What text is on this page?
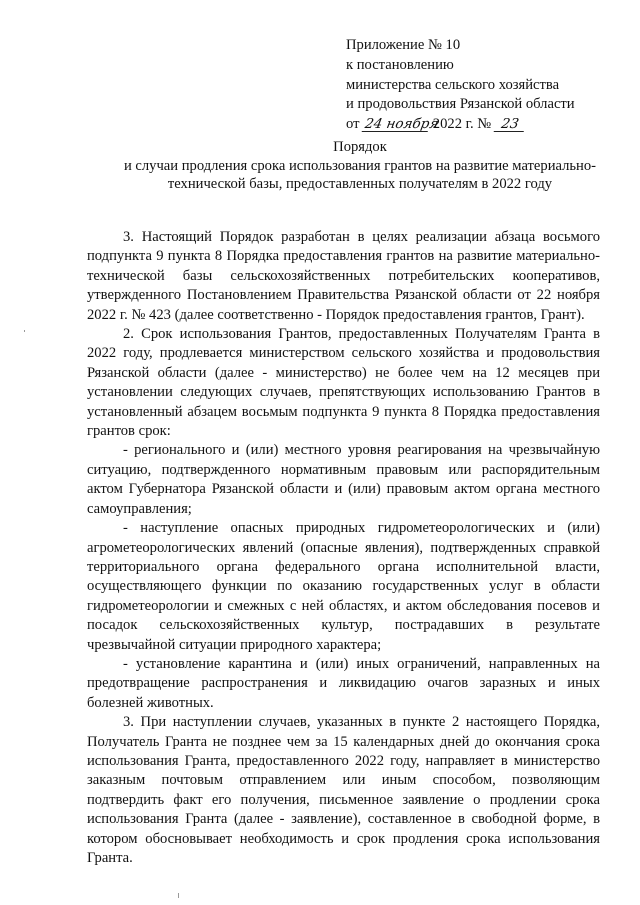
Приложение № 10
к постановлению
министерства сельского хозяйства
и продовольствия Рязанской области
от 24 ноября 2022 г. № 23
Порядок
и случаи продления срока использования грантов на развитие материально-технической базы, предоставленных получателям в 2022 году

3. Настоящий Порядок разработан в целях реализации абзаца восьмого подпункта 9 пункта 8 Порядка предоставления грантов на развитие материально-технической базы сельскохозяйственных потребительских кооперативов, утвержденного Постановлением Правительства Рязанской области от 22 ноября 2022 г. № 423 (далее соответственно - Порядок предоставления грантов, Грант).

2. Срок использования Грантов, предоставленных Получателям Гранта в 2022 году, продлевается министерством сельского хозяйства и продовольствия Рязанской области (далее - министерство) не более чем на 12 месяцев при установлении следующих случаев, препятствующих использованию Грантов в установленный абзацем восьмым подпункта 9 пункта 8 Порядка предоставления грантов срок:

- регионального и (или) местного уровня реагирования на чрезвычайную ситуацию, подтвержденного нормативным правовым или распорядительным актом Губернатора Рязанской области и (или) правовым актом органа местного самоуправления;

- наступление опасных природных гидрометеорологических и (или) агрометеорологических явлений (опасные явления), подтвержденных справкой территориального органа федерального органа исполнительной власти, осуществляющего функции по оказанию государственных услуг в области гидрометеорологии и смежных с ней областях, и актом обследования посевов и посадок сельскохозяйственных культур, пострадавших в результате чрезвычайной ситуации природного характера;

- установление карантина и (или) иных ограничений, направленных на предотвращение распространения и ликвидацию очагов заразных и иных болезней животных.

3. При наступлении случаев, указанных в пункте 2 настоящего Порядка, Получатель Гранта не позднее чем за 15 календарных дней до окончания срока использования Гранта, предоставленного 2022 году, направляет в министерство заказным почтовым отправлением или иным способом, позволяющим подтвердить факт его получения, письменное заявление о продлении срока использования Гранта (далее - заявление), составленное в свободной форме, в котором обосновывает необходимость и срок продления срока использования Гранта.
